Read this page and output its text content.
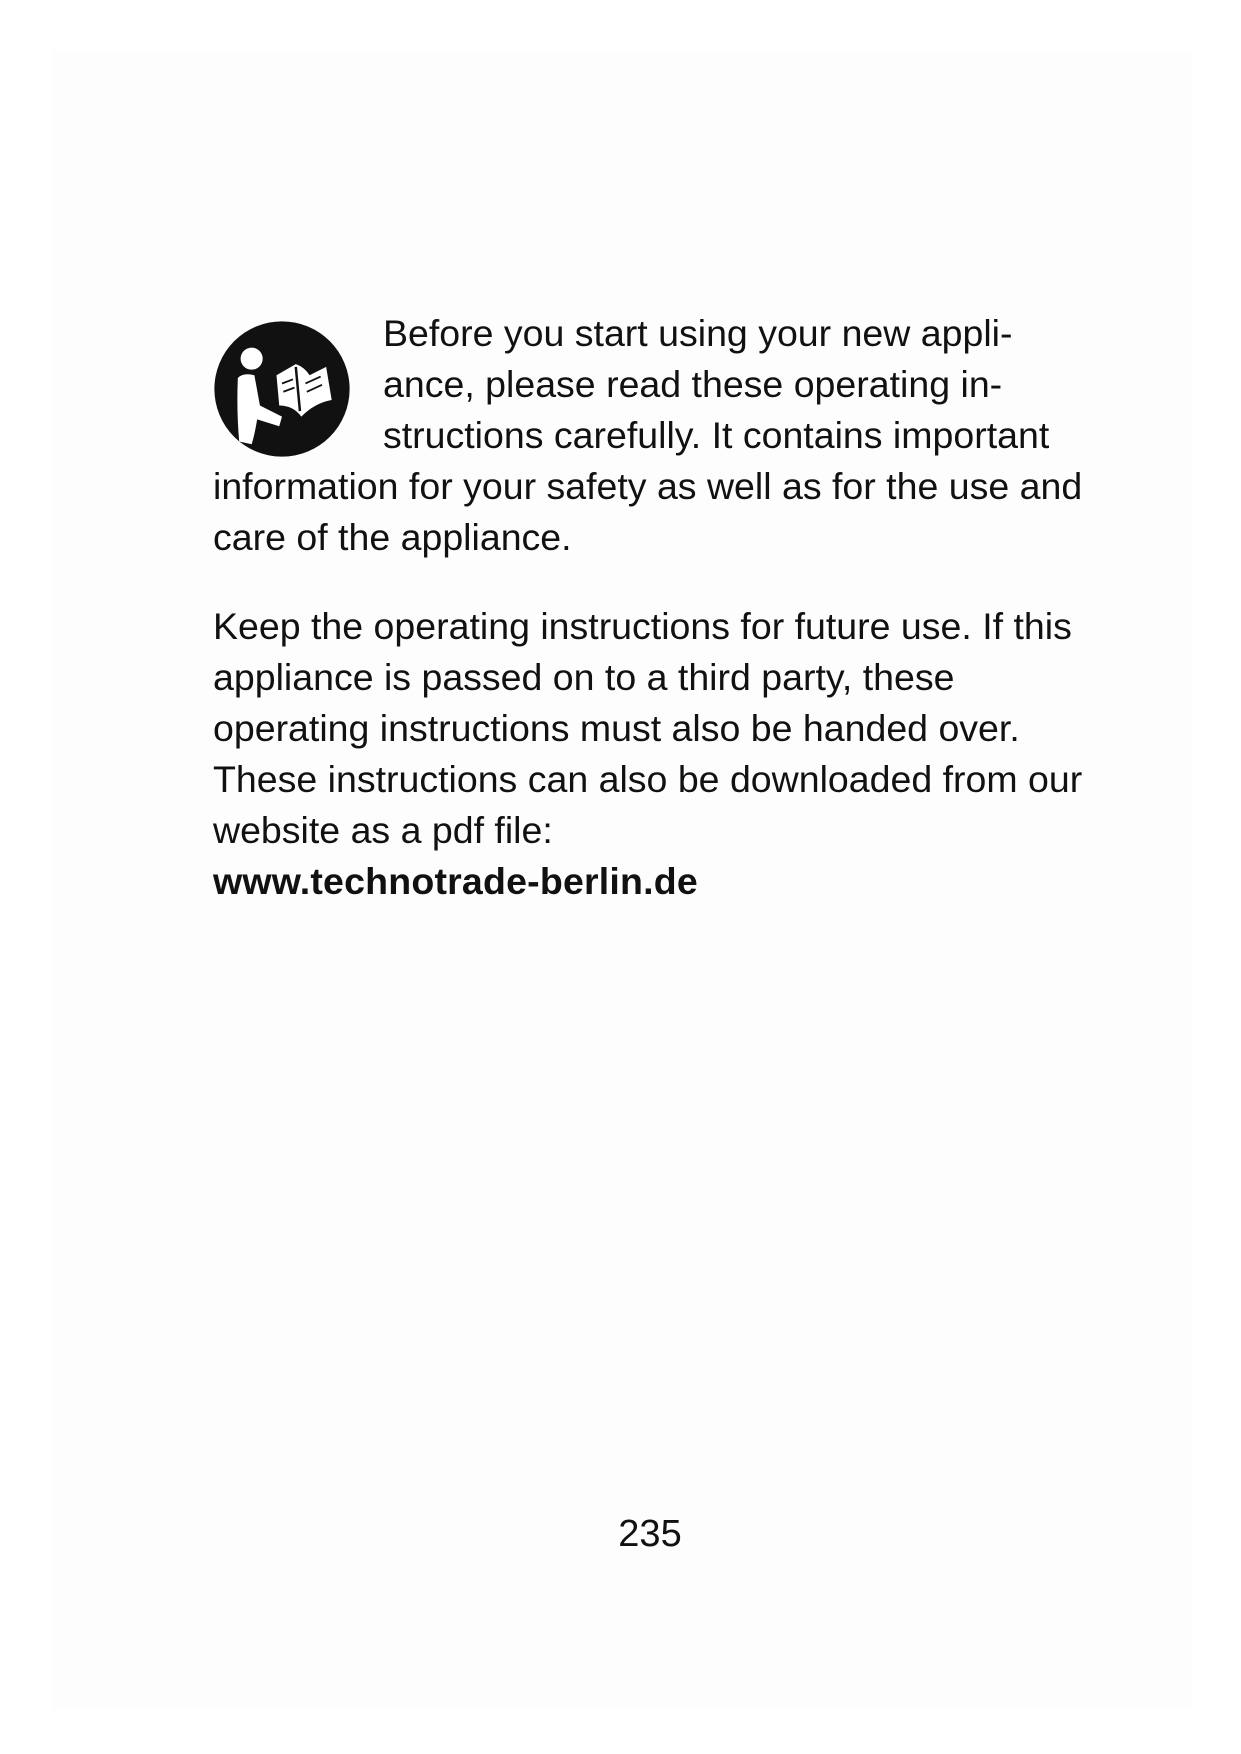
Before you start using your new appli-ance, please read these operating in-structions carefully. It contains important information for your safety as well as for the use and care of the appliance.

Keep the operating instructions for future use. If this appliance is passed on to a third party, these operating instructions must also be handed over. These instructions can also be downloaded from our website as a pdf file:
www.technotrade-berlin.de

235
